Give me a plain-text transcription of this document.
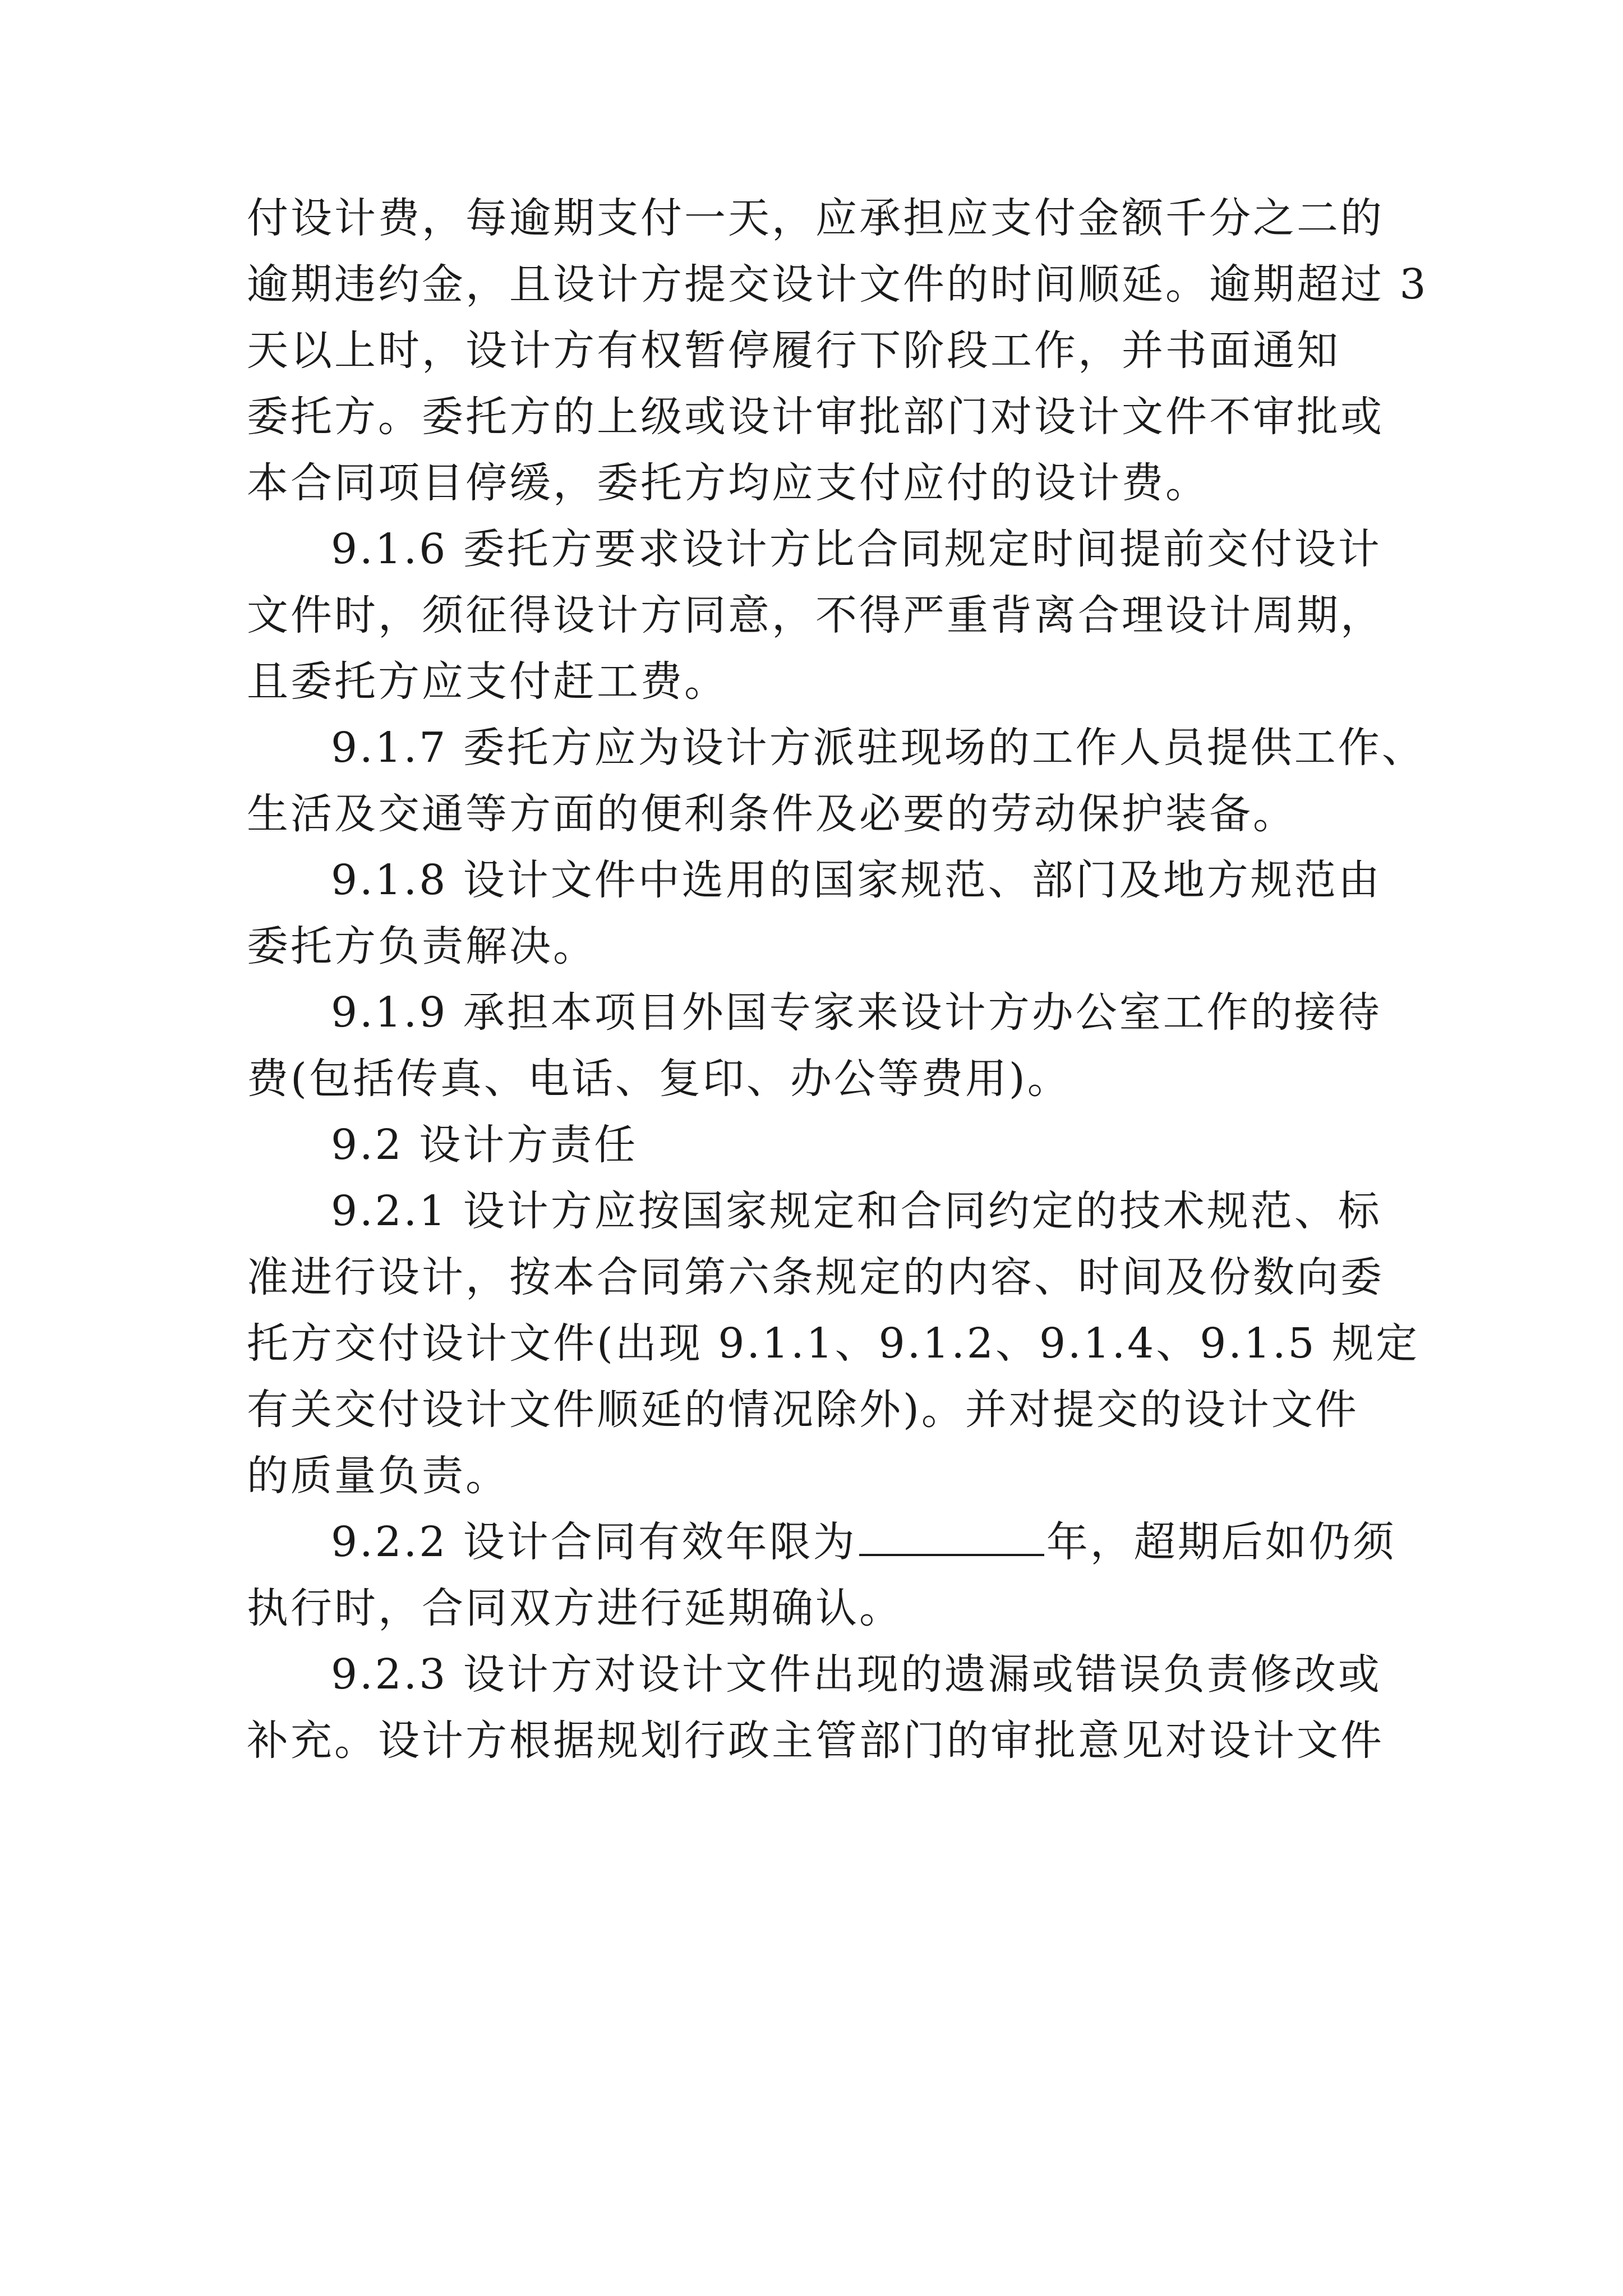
付设计费，每逾期支付一天，应承担应支付金额千分之二的
逾期违约金，且设计方提交设计文件的时间顺延。逾期超过 3
天以上时，设计方有权暂停履行下阶段工作，并书面通知
委托方。委托方的上级或设计审批部门对设计文件不审批或
本合同项目停缓，委托方均应支付应付的设计费。
9.1.6 委托方要求设计方比合同规定时间提前交付设计
文件时，须征得设计方同意，不得严重背离合理设计周期，
且委托方应支付赶工费。
9.1.7 委托方应为设计方派驻现场的工作人员提供工作、
生活及交通等方面的便利条件及必要的劳动保护装备。
9.1.8 设计文件中选用的国家规范、部门及地方规范由
委托方负责解决。
9.1.9 承担本项目外国专家来设计方办公室工作的接待
费(包括传真、电话、复印、办公等费用)。
9.2 设计方责任
9.2.1 设计方应按国家规定和合同约定的技术规范、标
准进行设计，按本合同第六条规定的内容、时间及份数向委
托方交付设计文件(出现 9.1.1、9.1.2、9.1.4、9.1.5 规定
有关交付设计文件顺延的情况除外)。并对提交的设计文件
的质量负责。
9.2.2 设计合同有效年限为	年，超期后如仍须
执行时，合同双方进行延期确认。
9.2.3 设计方对设计文件出现的遗漏或错误负责修改或
补充。设计方根据规划行政主管部门的审批意见对设计文件
